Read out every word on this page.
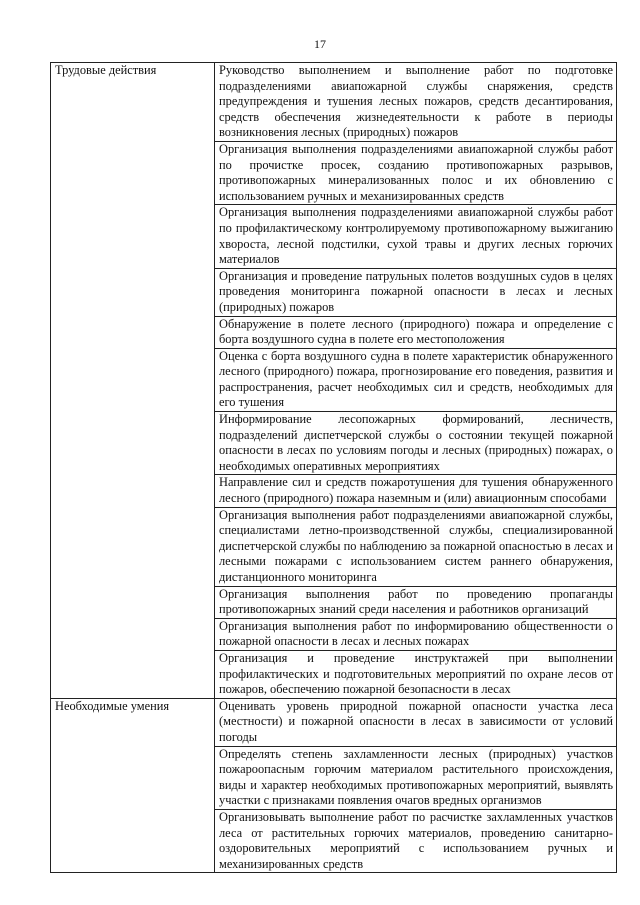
17
Трудовые действия	Руководство выполнением и выполнение работ по подготовке подразделениями авиапожарной службы снаряжения, средств предупреждения и тушения лесных пожаров, средств десантирования, средств обеспечения жизнедеятельности к работе в периоды возникновения лесных (природных) пожаров

	Организация выполнения подразделениями авиапожарной службы работ по прочистке просек, созданию противопожарных разрывов, противопожарных минерализованных полос и их обновлению с использованием ручных и механизированных средств

	Организация выполнения подразделениями авиапожарной службы работ по профилактическому контролируемому противопожарному выжиганию хвороста, лесной подстилки, сухой травы и других лесных горючих материалов

	Организация и проведение патрульных полетов воздушных судов в целях проведения мониторинга пожарной опасности в лесах и лесных (природных) пожаров

	Обнаружение в полете лесного (природного) пожара и определение с борта воздушного судна в полете его местоположения

	Оценка с борта воздушного судна в полете характеристик обнаруженного лесного (природного) пожара, прогнозирование его поведения, развития и распространения, расчет необходимых сил и средств, необходимых для его тушения

	Информирование лесопожарных формирований, лесничеств, подразделений диспетчерской службы о состоянии текущей пожарной опасности в лесах по условиям погоды и лесных (природных) пожарах, о необходимых оперативных мероприятиях

	Направление сил и средств пожаротушения для тушения обнаруженного лесного (природного) пожара наземным и (или) авиационным способами

	Организация выполнения работ подразделениями авиапожарной службы, специалистами летно-производственной службы, специализированной диспетчерской службы по наблюдению за пожарной опасностью в лесах и лесными пожарами с использованием систем раннего обнаружения, дистанционного мониторинга

	Организация выполнения работ по проведению пропаганды противопожарных знаний среди населения и работников организаций

	Организация выполнения работ по информированию общественности о пожарной опасности в лесах и лесных пожарах

	Организация и проведение инструктажей при выполнении профилактических и подготовительных мероприятий по охране лесов от пожаров, обеспечению пожарной безопасности в лесах

Необходимые умения	Оценивать уровень природной пожарной опасности участка леса (местности) и пожарной опасности в лесах в зависимости от условий погоды

	Определять степень захламленности лесных (природных) участков пожароопасным горючим материалом растительного происхождения, виды и характер необходимых противопожарных мероприятий, выявлять участки с признаками появления очагов вредных организмов

	Организовывать выполнение работ по расчистке захламленных участков леса от растительных горючих материалов, проведению санитарно-оздоровительных мероприятий с использованием ручных и механизированных средств
